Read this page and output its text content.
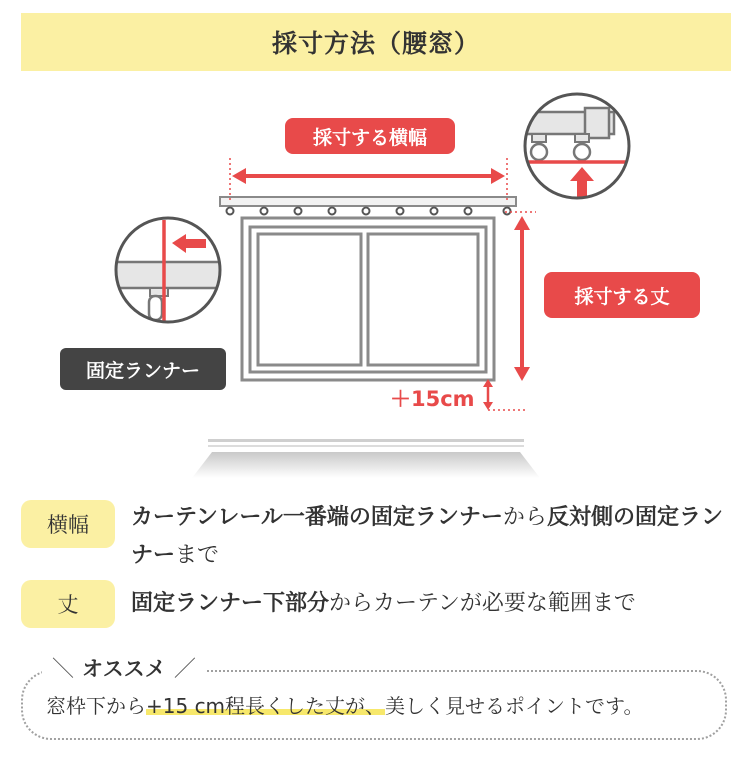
採寸方法（腰窓）
採寸する横幅
採寸する丈
固定ランナー
＋15cm
横幅	カーテンレール一番端の固定ランナーから反対側の固定ランナーまで
丈	固定ランナー下部分からカーテンが必要な範囲まで
＼ オススメ ／
窓枠下から+15 cm程長くした丈が、美しく見せるポイントです。
